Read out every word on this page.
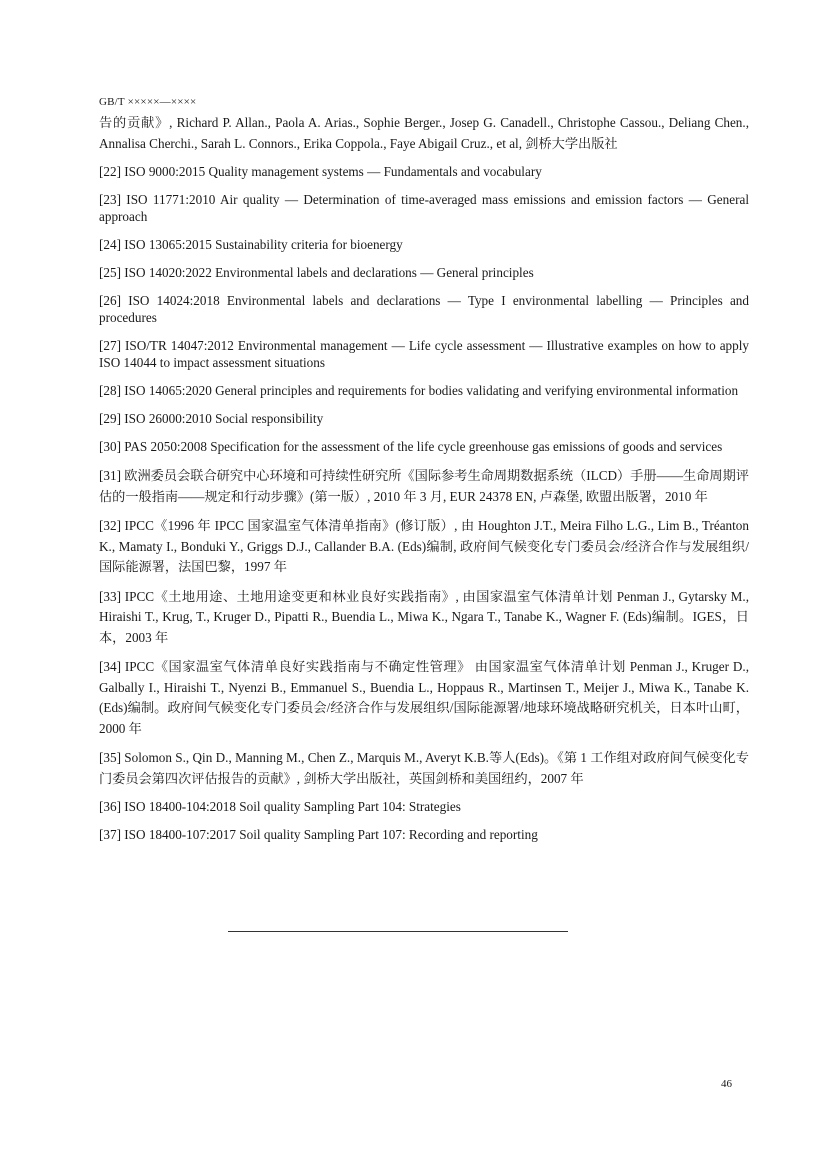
GB/T ×××××—××××

告的贡献》, Richard P. Allan., Paola A. Arias., Sophie Berger., Josep G. Canadell., Christophe Cassou., Deliang Chen., Annalisa Cherchi., Sarah L. Connors., Erika Coppola., Faye Abigail Cruz., et al, 剑桥大学出版社

[22] ISO 9000:2015 Quality management systems — Fundamentals and vocabulary

[23] ISO 11771:2010 Air quality — Determination of time-averaged mass emissions and emission factors — General approach

[24] ISO 13065:2015 Sustainability criteria for bioenergy

[25] ISO 14020:2022 Environmental labels and declarations — General principles

[26] ISO 14024:2018 Environmental labels and declarations — Type I environmental labelling — Principles and procedures

[27] ISO/TR 14047:2012 Environmental management — Life cycle assessment — Illustrative examples on how to apply ISO 14044 to impact assessment situations

[28] ISO 14065:2020 General principles and requirements for bodies validating and verifying environmental information

[29] ISO 26000:2010 Social responsibility

[30] PAS 2050:2008 Specification for the assessment of the life cycle greenhouse gas emissions of goods and services

[31] 欧洲委员会联合研究中心环境和可持续性研究所《国际参考生命周期数据系统（ILCD）手册——生命周期评估的一般指南——规定和行动步骤》(第一版）, 2010 年 3 月, EUR 24378 EN, 卢森堡, 欧盟出版署，2010 年

[32] IPCC《1996 年 IPCC 国家温室气体清单指南》(修订版）, 由 Houghton J.T., Meira Filho L.G., Lim B., Tréanton K., Mamaty I., Bonduki Y., Griggs D.J., Callander B.A. (Eds)编制, 政府间气候变化专门委员会/经济合作与发展组织/国际能源署，法国巴黎，1997 年

[33] IPCC《土地用途、土地用途变更和林业良好实践指南》, 由国家温室气体清单计划 Penman J., Gytarsky M., Hiraishi T., Krug, T., Kruger D., Pipatti R., Buendia L., Miwa K., Ngara T., Tanabe K., Wagner F. (Eds)编制。IGES，日本，2003 年

[34] IPCC《国家温室气体清单良好实践指南与不确定性管理》 由国家温室气体清单计划 Penman J., Kruger D., Galbally I., Hiraishi T., Nyenzi B., Emmanuel S., Buendia L., Hoppaus R., Martinsen T., Meijer J., Miwa K., Tanabe K. (Eds)编制。政府间气候变化专门委员会/经济合作与发展组织/国际能源署/地球环境战略研究机关，日本叶山町，2000 年

[35] Solomon S., Qin D., Manning M., Chen Z., Marquis M., Averyt K.B.等人(Eds)。《第 1 工作组对政府间气候变化专门委员会第四次评估报告的贡献》, 剑桥大学出版社，英国剑桥和美国纽约，2007 年

[36] ISO 18400-104:2018 Soil quality Sampling Part 104: Strategies

[37] ISO 18400-107:2017 Soil quality Sampling Part 107: Recording and reporting

46
